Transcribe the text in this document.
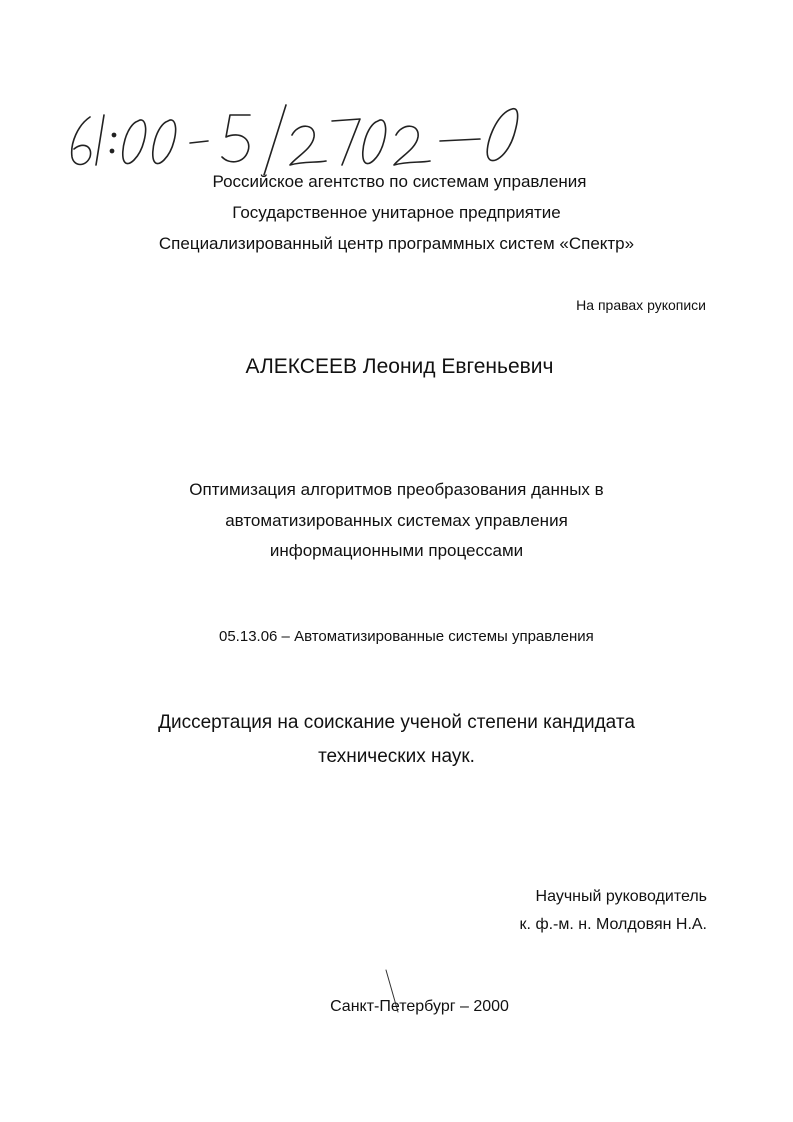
Российское агентство по системам управления
Государственное унитарное предприятие
Специализированный центр программных систем «Спектр»
На правах рукописи
АЛЕКСЕЕВ Леонид Евгеньевич
Оптимизация алгоритмов преобразования данных в
автоматизированных системах управления
информационными процессами
05.13.06 – Автоматизированные системы управления
Диссертация на соискание ученой степени кандидата
технических наук.
Научный руководитель
к. ф.-м. н. Молдовян Н.А.
Санкт-Петербург – 2000
